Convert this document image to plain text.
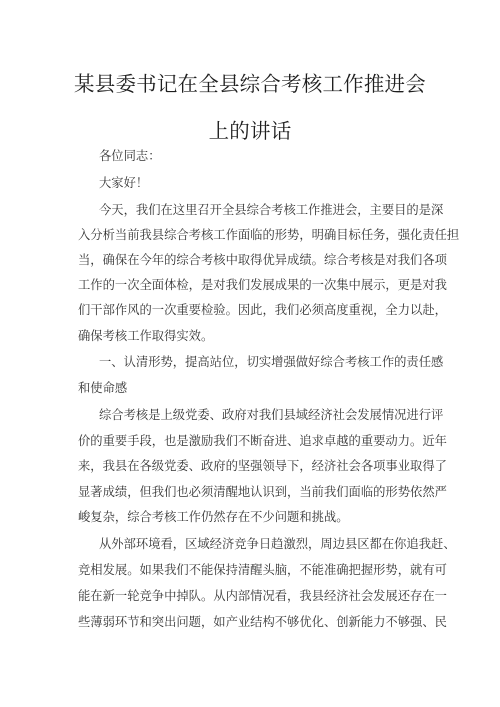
某县委书记在全县综合考核工作推进会
上的讲话
各位同志：
大家好！
今天，我们在这里召开全县综合考核工作推进会，主要目的是深
入分析当前我县综合考核工作面临的形势，明确目标任务，强化责任担
当，确保在今年的综合考核中取得优异成绩。综合考核是对我们各项
工作的一次全面体检，是对我们发展成果的一次集中展示，更是对我
们干部作风的一次重要检验。因此，我们必须高度重视，全力以赴，
确保考核工作取得实效。
一、认清形势，提高站位，切实增强做好综合考核工作的责任感
和使命感
综合考核是上级党委、政府对我们县域经济社会发展情况进行评
价的重要手段，也是激励我们不断奋进、追求卓越的重要动力。近年
来，我县在各级党委、政府的坚强领导下，经济社会各项事业取得了
显著成绩，但我们也必须清醒地认识到，当前我们面临的形势依然严
峻复杂，综合考核工作仍然存在不少问题和挑战。
从外部环境看，区域经济竞争日趋激烈，周边县区都在你追我赶、
竞相发展。如果我们不能保持清醒头脑，不能准确把握形势，就有可
能在新一轮竞争中掉队。从内部情况看，我县经济社会发展还存在一
些薄弱环节和突出问题，如产业结构不够优化、创新能力不够强、民
